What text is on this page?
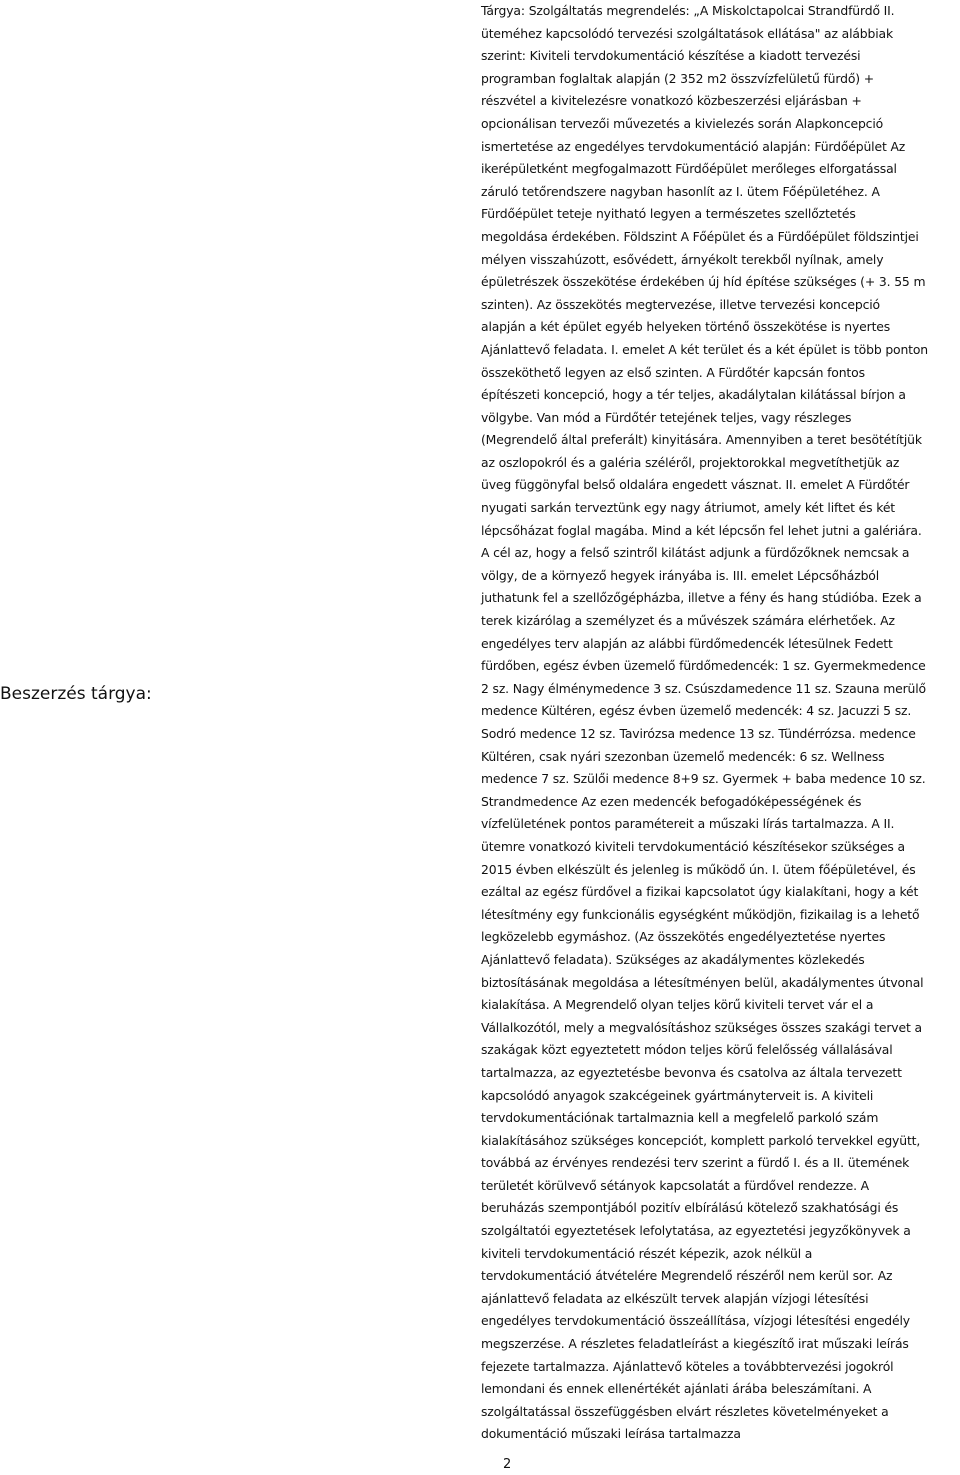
Beszerzés tárgya:
Tárgya: Szolgáltatás megrendelés: „A Miskolctapolcai Strandfürdő II.
üteméhez kapcsolódó tervezési szolgáltatások ellátása" az alábbiak
szerint: Kiviteli tervdokumentáció készítése a kiadott tervezési
programban foglaltak alapján (2 352 m2 összvízfelületű fürdő) +
részvétel a kivitelezésre vonatkozó közbeszerzési eljárásban +
opcionálisan tervezői művezetés a kivielezés során Alapkoncepció
ismertetése az engedélyes tervdokumentáció alapján: Fürdőépület Az
ikerépületként megfogalmazott Fürdőépület merőleges elforgatással
záruló tetőrendszere nagyban hasonlít az I. ütem Főépületéhez. A
Fürdőépület teteje nyitható legyen a természetes szellőztetés
megoldása érdekében. Földszint A Főépület és a Fürdőépület földszintjei
mélyen visszahúzott, esővédett, árnyékolt terekből nyílnak, amely
épületrészek összekötése érdekében új híd építése szükséges (+ 3. 55 m
szinten). Az összekötés megtervezése, illetve tervezési koncepció
alapján a két épület egyéb helyeken történő összekötése is nyertes
Ajánlattevő feladata. I. emelet A két terület és a két épület is több ponton
összeköthető legyen az első szinten. A Fürdőtér kapcsán fontos
építészeti koncepció, hogy a tér teljes, akadálytalan kilátással bírjon a
völgybe. Van mód a Fürdőtér tetejének teljes, vagy részleges
(Megrendelő által preferált) kinyitására. Amennyiben a teret besötétítjük
az oszlopokról és a galéria széléről, projektorokkal megvetíthetjük az
üveg függönyfal belső oldalára engedett vásznat. II. emelet A Fürdőtér
nyugati sarkán terveztünk egy nagy átriumot, amely két liftet és két
lépcsőházat foglal magába. Mind a két lépcsőn fel lehet jutni a galériára.
A cél az, hogy a felső szintről kilátást adjunk a fürdőzőknek nemcsak a
völgy, de a környező hegyek irányába is. III. emelet Lépcsőházból
juthatunk fel a szellőzőgépházba, illetve a fény és hang stúdióba. Ezek a
terek kizárólag a személyzet és a művészek számára elérhetőek. Az
engedélyes terv alapján az alábbi fürdőmedencék létesülnek Fedett
fürdőben, egész évben üzemelő fürdőmedencék: 1 sz. Gyermekmedence
2 sz. Nagy élménymedence 3 sz. Csúszdamedence 11 sz. Szauna merülő
medence Kültéren, egész évben üzemelő medencék: 4 sz. Jacuzzi 5 sz.
Sodró medence 12 sz. Tavirózsa medence 13 sz. Tündérrózsa. medence
Kültéren, csak nyári szezonban üzemelő medencék: 6 sz. Wellness
medence 7 sz. Szülői medence 8+9 sz. Gyermek + baba medence 10 sz.
Strandmedence Az ezen medencék befogadóképességének és
vízfelületének pontos paramétereit a műszaki lírás tartalmazza. A II.
ütemre vonatkozó kiviteli tervdokumentáció készítésekor szükséges a
2015 évben elkészült és jelenleg is működő ún. I. ütem főépületével, és
ezáltal az egész fürdővel a fizikai kapcsolatot úgy kialakítani, hogy a két
létesítmény egy funkcionális egységként működjön, fizikailag is a lehető
legközelebb egymáshoz. (Az összekötés engedélyeztetése nyertes
Ajánlattevő feladata). Szükséges az akadálymentes közlekedés
biztosításának megoldása a létesítményen belül, akadálymentes útvonal
kialakítása. A Megrendelő olyan teljes körű kiviteli tervet vár el a
Vállalkozótól, mely a megvalósításhoz szükséges összes szakági tervet a
szakágak közt egyeztetett módon teljes körű felelősség vállalásával
tartalmazza, az egyeztetésbe bevonva és csatolva az általa tervezett
kapcsolódó anyagok szakcégeinek gyártmányterveit is. A kiviteli
tervdokumentációnak tartalmaznia kell a megfelelő parkoló szám
kialakításához szükséges koncepciót, komplett parkoló tervekkel együtt,
továbbá az érvényes rendezési terv szerint a fürdő I. és a II. ütemének
területét körülvevő sétányok kapcsolatát a fürdővel rendezze. A
beruházás szempontjából pozitív elbírálású kötelező szakhatósági és
szolgáltatói egyeztetések lefolytatása, az egyeztetési jegyzőkönyvek a
kiviteli tervdokumentáció részét képezik, azok nélkül a
tervdokumentáció átvételére Megrendelő részéről nem kerül sor. Az
ajánlattevő feladata az elkészült tervek alapján vízjogi létesítési
engedélyes tervdokumentáció összeállítása, vízjogi létesítési engedély
megszerzése. A részletes feladatleírást a kiegészítő irat műszaki leírás
fejezete tartalmazza. Ajánlattevő köteles a továbbtervezési jogokról
lemondani és ennek ellenértékét ajánlati árába beleszámítani. A
szolgáltatással összefüggésben elvárt részletes követelményeket a
dokumentáció műszaki leírása tartalmazza
2
